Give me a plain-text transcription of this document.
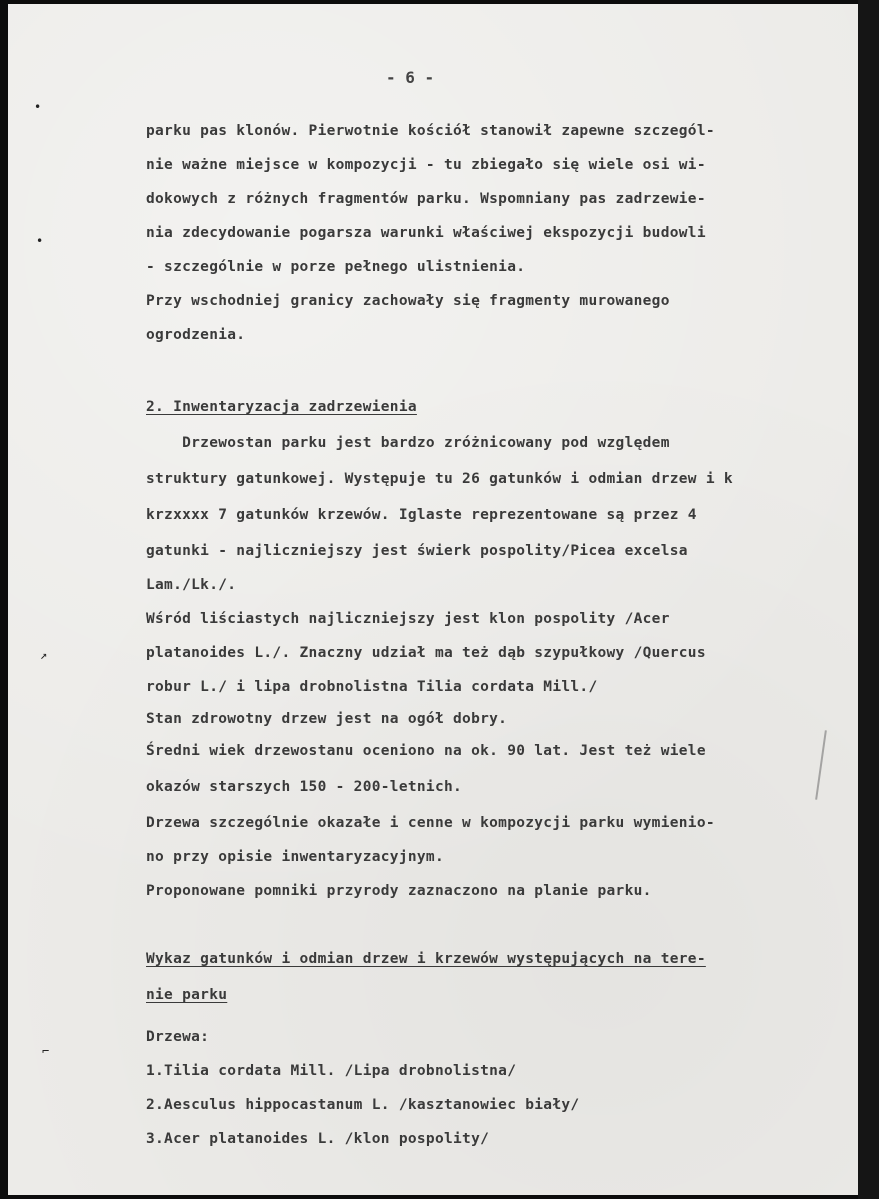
•
•
↗
⌐
- 6 -
parku pas klonów. Pierwotnie kościół stanowił zapewne szczegól-
nie ważne miejsce w kompozycji - tu zbiegało się wiele osi wi-
dokowych z różnych fragmentów parku. Wspomniany pas zadrzewie-
nia zdecydowanie pogarsza warunki właściwej ekspozycji budowli
- szczególnie w porze pełnego ulistnienia.
Przy wschodniej granicy zachowały się fragmenty murowanego
ogrodzenia.
2. Inwentaryzacja zadrzewienia
Drzewostan parku jest bardzo zróżnicowany pod względem
struktury gatunkowej. Występuje tu 26 gatunków i odmian drzew i k
krzxxxx 7 gatunków krzewów. Iglaste reprezentowane są przez 4
gatunki - najliczniejszy jest świerk pospolity/Picea excelsa
Lam./Lk./.
Wśród liściastych najliczniejszy jest klon pospolity /Acer
platanoides L./. Znaczny udział ma też dąb szypułkowy /Quercus
robur L./ i lipa drobnolistna Tilia cordata Mill./
Stan zdrowotny drzew jest na ogół dobry.
Średni wiek drzewostanu oceniono na ok. 90 lat. Jest też wiele
okazów starszych 150 - 200-letnich.
Drzewa szczególnie okazałe i cenne w kompozycji parku wymienio-
no przy opisie inwentaryzacyjnym.
Proponowane pomniki przyrody zaznaczono na planie parku.
Wykaz gatunków i odmian drzew i krzewów występujących na tere-
nie parku
Drzewa:
1.Tilia cordata Mill. /Lipa drobnolistna/
2.Aesculus hippocastanum L. /kasztanowiec biały/
3.Acer platanoides L. /klon pospolity/
